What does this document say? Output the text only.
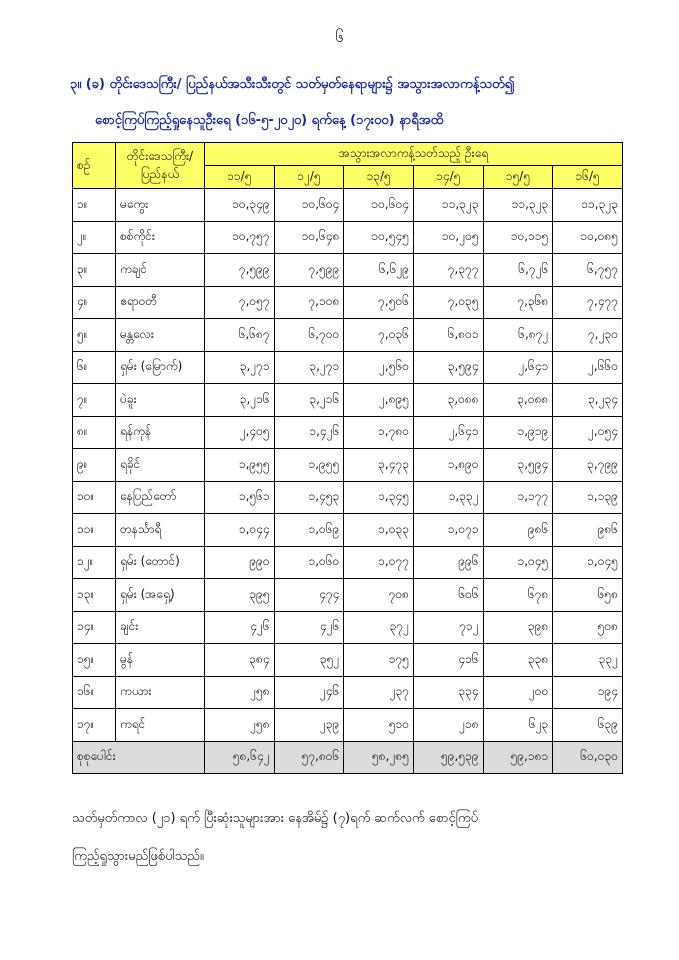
၆
၃။ (ခ) တိုင်းဒေသကြီး/ ပြည်နယ်အသီးသီးတွင် သတ်မှတ်နေရာများ၌ အသွားအလာကန့်သတ်၍
စောင့်ကြပ်ကြည့်ရှုနေသူဦးရေ (၁၆-၅-၂၀၂၀) ရက်နေ့ (၁၇း၀၀) နာရီအထိ
စဉ်	တိုင်းဒေသကြီး/ ပြည်နယ်	အသွားအလာကန့်သတ်သည့် ဦးရေ					
		၁၁/၅	၁၂/၅	၁၃/၅	၁၄/၅	၁၅/၅	၁၆/၅
၁။	မကွေး	၁၀,၃၄၉	၁၀,၆၀၄	၁၀,၆၀၄	၁၁,၃၂၃	၁၁,၃၂၃	၁၁,၃၂၃
၂။	စစ်ကိုင်း	၁၀,၇၅၇	၁၀,၆၄၈	၁၀,၅၄၅	၁၀,၂၀၅	၁၀,၁၁၅	၁၀,၀၈၅
၃။	ကချင်	၇,၅၉၉	၇,၅၉၉	၆,၆၂၉	၇,၃၇၇	၆,၇၂၆	၆,၇၅၇
၄။	ဧရာဝတီ	၇,၀၅၇	၇,၁၀၈	၇,၅၀၆	၇,၀၃၅	၇,၃၆၈	၇,၄၇၇
၅။	မန္တလေး	၆,၆၈၇	၆,၇၀၀	၇,၀၃၆	၆,၈၀၁	၆,၈၇၂	၇,၂၃၀
၆။	ရှမ်း (မြောက်)	၃,၂၇၁	၃,၂၇၁	၂,၅၆၀	၃,၅၉၄	၂,၆၄၁	၂,၆၆၀
၇။	ပဲခူး	၃,၂၁၆	၃,၂၁၆	၂,၈၉၅	၃,၀၈၈	၃,၀၈၈	၃,၂၃၄
၈။	ရန်ကုန်	၂,၄၀၅	၁,၄၂၆	၁,၇၈၀	၂,၆၄၁	၁,၉၁၉	၂,၀၅၄
၉။	ရခိုင်	၁,၉၅၅	၁,၉၅၅	၃,၄၇၃	၁,၈၉၀	၃,၅၉၄	၃,၇၉၉
၁၀။	နေပြည်တော်	၁,၅၆၁	၁,၄၅၃	၁,၃၄၅	၁,၃၃၂	၁,၁၇၇	၁,၁၃၉
၁၁။	တနင်္သာရီ	၁,၀၄၄	၁,၀၆၉	၁,၀၃၃	၁,၀၇၁	၉၈၆	၉၈၆
၁၂။	ရှမ်း (တောင်)	၉၉၀	၁,၀၆၀	၁,၀၇၇	၉၉၆	၁,၀၄၅	၁,၀၄၅
၁၃။	ရှမ်း (အရှေ့)	၃၉၅	၄၇၄	၇၀၈	၆၀၆	၆၇၈	၆၅၈
၁၄။	ချင်း	၄၂၆	၄၂၆	၃၇၂	၇၁၂	၃၉၈	၅၀၈
၁၅။	မွန်	၃၈၄	၃၅၂	၁၇၅	၄၁၆	၃၃၈	၃၃၂
၁၆။	ကယား	၂၅၈	၂၄၆	၂၃၇	၃၃၄	၂၀၀	၁၉၄
၁၇။	ကရင်	၂၅၈	၂၃၉	၅၁၀	၂၁၈	၆၂၃	၆၃၉
စုစုပေါင်း		၅၈,၆၄၂	၅၇,၈၀၆	၅၈,၂၈၅	၅၉,၅၃၉	၅၉,၁၈၁	၆၀,၀၃၀
သတ်မှတ်ကာလ (၂၁) ရက် ပြီးဆုံးသူများအား နေအိမ်၌ (၇)ရက် ဆက်လက် စောင့်ကြပ်
ကြည့်ရှုသွားမည်ဖြစ်ပါသည်။
